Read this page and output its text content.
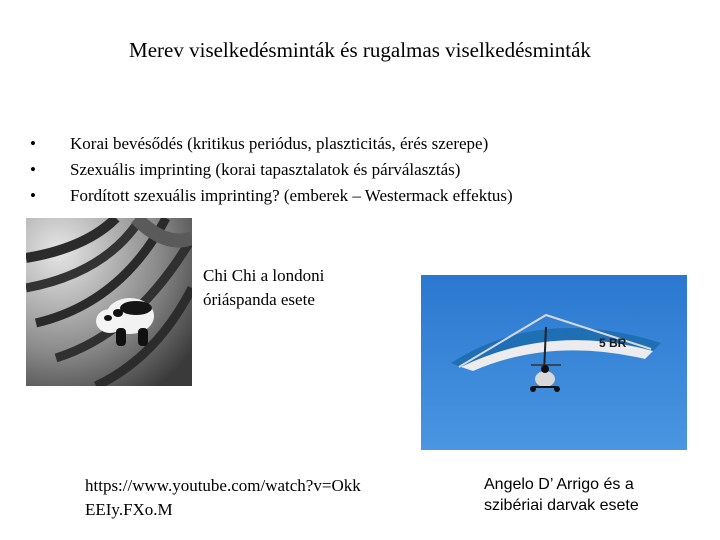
Merev viselkedésminták és rugalmas viselkedésminták
• Korai bevésődés (kritikus periódus, plaszticitás, érés szerepe)
• Szexuális imprinting (korai tapasztalatok és párválasztás)
• Fordított szexuális imprinting? (emberek – Westermack effektus)
Chi Chi a londoni
óriáspanda esete
5 BR
https://www.youtube.com/watch?v=Okk
EEIy.FXo.M
Angelo D’ Arrigo és a
szibériai darvak esete
